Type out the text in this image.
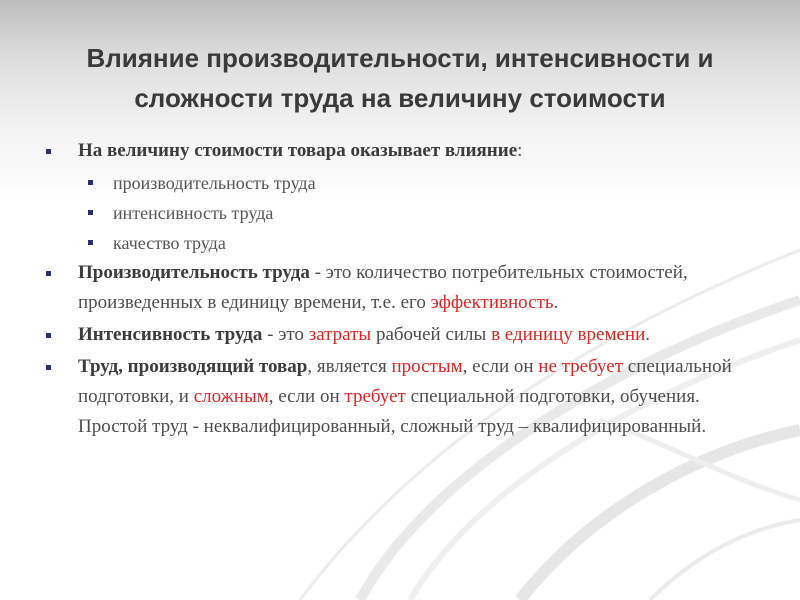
Влияние производительности, интенсивности и
сложности труда на величину стоимости
На величину стоимости товара оказывает влияние:
производительность труда
интенсивность труда
качество труда
Производительность труда - это количество потребительных стоимостей, произведенных в единицу времени, т.е. его эффективность.
Интенсивность труда - это затраты рабочей силы в единицу времени.
Труд, производящий товар, является простым, если он не требует специальной подготовки, и сложным, если он требует специальной подготовки, обучения. Простой труд - неквалифицированный, сложный труд – квалифицированный.
